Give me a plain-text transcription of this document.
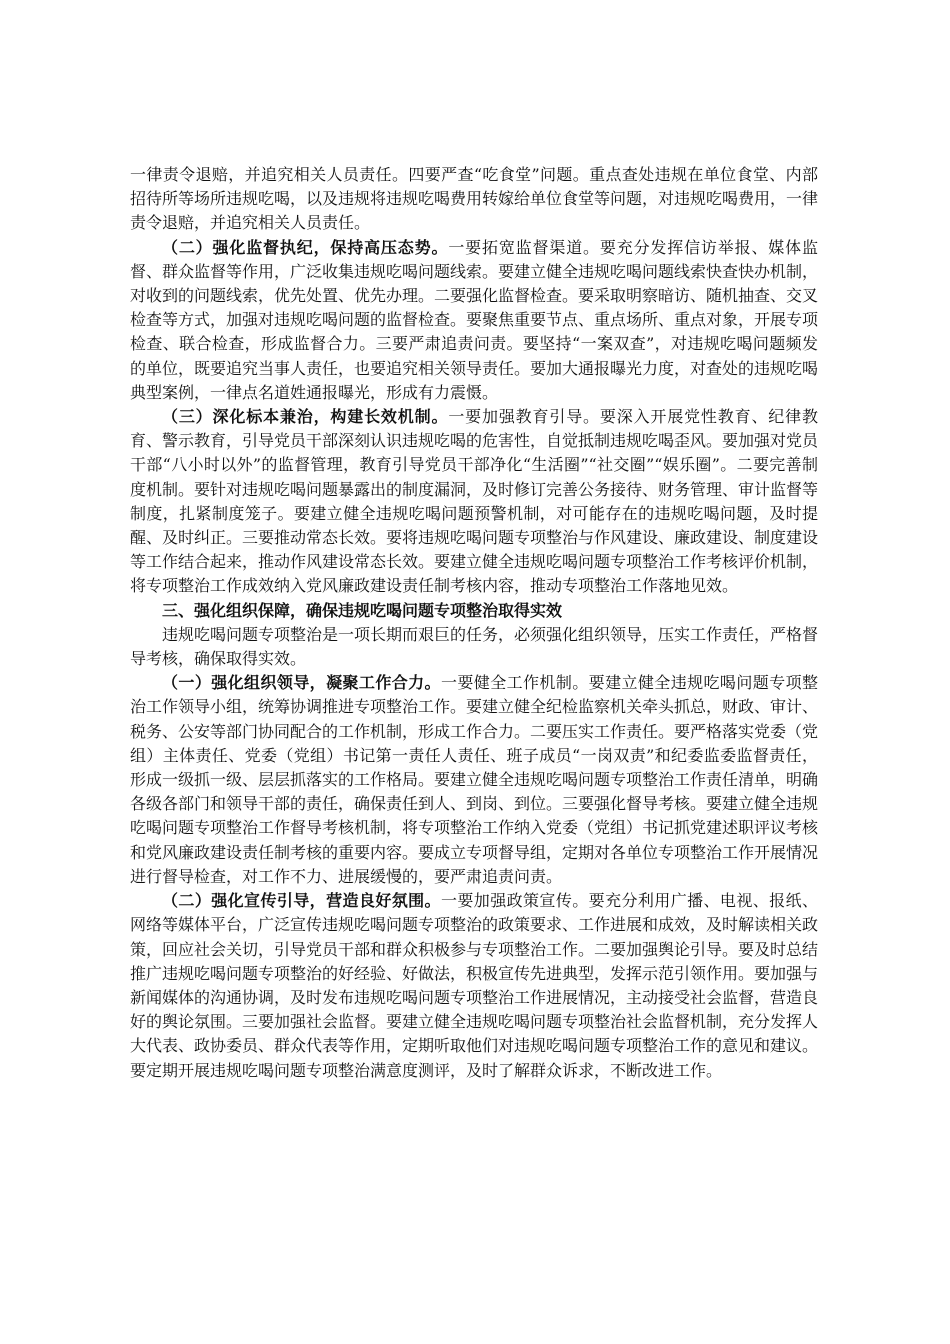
一律责令退赔，并追究相关人员责任。四要严查“吃食堂”问题。重点查处违规在单位食堂、内部招待所等场所违规吃喝，以及违规将违规吃喝费用转嫁给单位食堂等问题，对违规吃喝费用，一律责令退赔，并追究相关人员责任。

（二）强化监督执纪，保持高压态势。一要拓宽监督渠道。要充分发挥信访举报、媒体监督、群众监督等作用，广泛收集违规吃喝问题线索。要建立健全违规吃喝问题线索快查快办机制，对收到的问题线索，优先处置、优先办理。二要强化监督检查。要采取明察暗访、随机抽查、交叉检查等方式，加强对违规吃喝问题的监督检查。要聚焦重要节点、重点场所、重点对象，开展专项检查、联合检查，形成监督合力。三要严肃追责问责。要坚持“一案双查”，对违规吃喝问题频发的单位，既要追究当事人责任，也要追究相关领导责任。要加大通报曝光力度，对查处的违规吃喝典型案例，一律点名道姓通报曝光，形成有力震慑。

（三）深化标本兼治，构建长效机制。一要加强教育引导。要深入开展党性教育、纪律教育、警示教育，引导党员干部深刻认识违规吃喝的危害性，自觉抵制违规吃喝歪风。要加强对党员干部“八小时以外”的监督管理，教育引导党员干部净化“生活圈”“社交圈”“娱乐圈”。二要完善制度机制。要针对违规吃喝问题暴露出的制度漏洞，及时修订完善公务接待、财务管理、审计监督等制度，扎紧制度笼子。要建立健全违规吃喝问题预警机制，对可能存在的违规吃喝问题，及时提醒、及时纠正。三要推动常态长效。要将违规吃喝问题专项整治与作风建设、廉政建设、制度建设等工作结合起来，推动作风建设常态长效。要建立健全违规吃喝问题专项整治工作考核评价机制，将专项整治工作成效纳入党风廉政建设责任制考核内容，推动专项整治工作落地见效。

三、强化组织保障，确保违规吃喝问题专项整治取得实效

违规吃喝问题专项整治是一项长期而艰巨的任务，必须强化组织领导，压实工作责任，严格督导考核，确保取得实效。

（一）强化组织领导，凝聚工作合力。一要健全工作机制。要建立健全违规吃喝问题专项整治工作领导小组，统筹协调推进专项整治工作。要建立健全纪检监察机关牵头抓总，财政、审计、税务、公安等部门协同配合的工作机制，形成工作合力。二要压实工作责任。要严格落实党委（党组）主体责任、党委（党组）书记第一责任人责任、班子成员“一岗双责”和纪委监委监督责任，形成一级抓一级、层层抓落实的工作格局。要建立健全违规吃喝问题专项整治工作责任清单，明确各级各部门和领导干部的责任，确保责任到人、到岗、到位。三要强化督导考核。要建立健全违规吃喝问题专项整治工作督导考核机制，将专项整治工作纳入党委（党组）书记抓党建述职评议考核和党风廉政建设责任制考核的重要内容。要成立专项督导组，定期对各单位专项整治工作开展情况进行督导检查，对工作不力、进展缓慢的，要严肃追责问责。

（二）强化宣传引导，营造良好氛围。一要加强政策宣传。要充分利用广播、电视、报纸、网络等媒体平台，广泛宣传违规吃喝问题专项整治的政策要求、工作进展和成效，及时解读相关政策，回应社会关切，引导党员干部和群众积极参与专项整治工作。二要加强舆论引导。要及时总结推广违规吃喝问题专项整治的好经验、好做法，积极宣传先进典型，发挥示范引领作用。要加强与新闻媒体的沟通协调，及时发布违规吃喝问题专项整治工作进展情况，主动接受社会监督，营造良好的舆论氛围。三要加强社会监督。要建立健全违规吃喝问题专项整治社会监督机制，充分发挥人大代表、政协委员、群众代表等作用，定期听取他们对违规吃喝问题专项整治工作的意见和建议。要定期开展违规吃喝问题专项整治满意度测评，及时了解群众诉求，不断改进工作。
